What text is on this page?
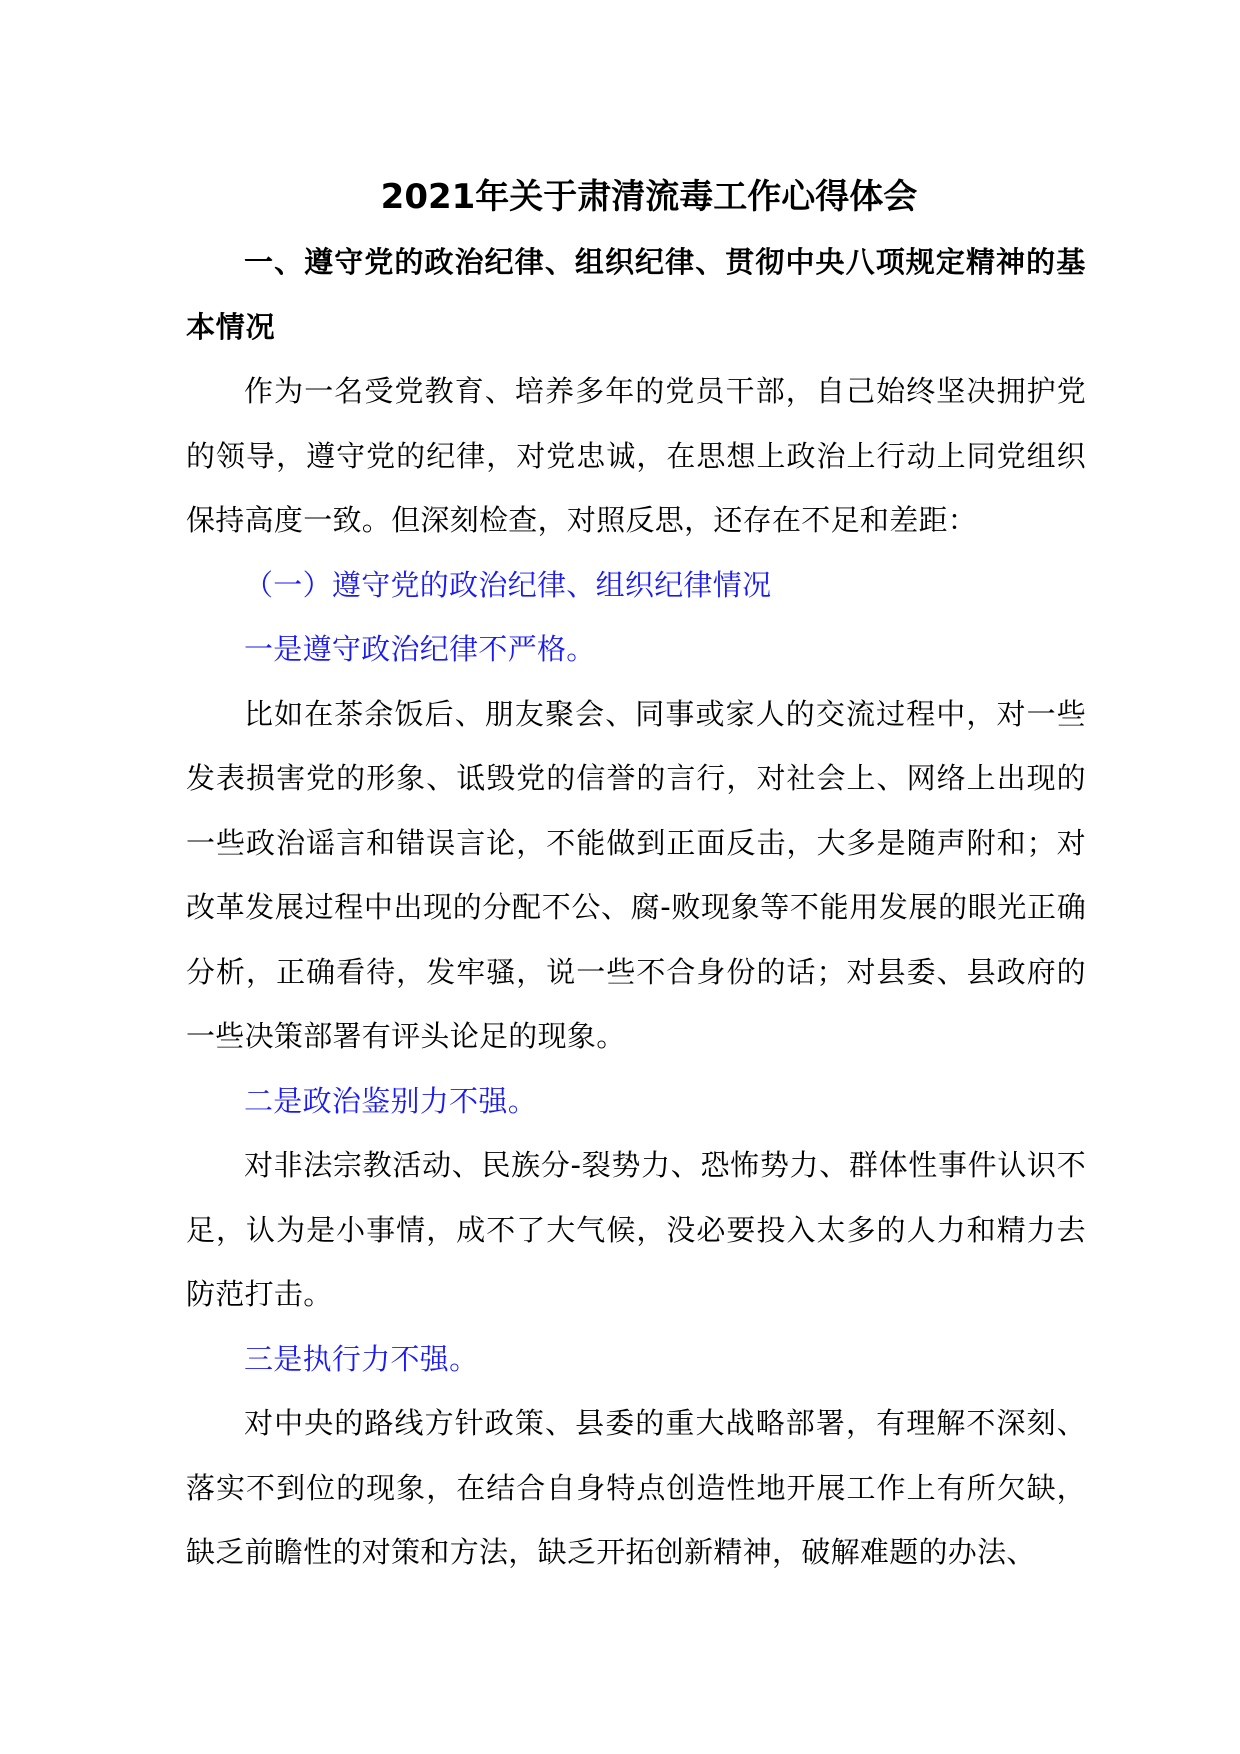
2021年关于肃清流毒工作心得体会

一、遵守党的政治纪律、组织纪律、贯彻中央八项规定精神的基本情况

作为一名受党教育、培养多年的党员干部，自己始终坚决拥护党的领导，遵守党的纪律，对党忠诚，在思想上政治上行动上同党组织保持高度一致。但深刻检查，对照反思，还存在不足和差距：

（一）遵守党的政治纪律、组织纪律情况

一是遵守政治纪律不严格。

比如在茶余饭后、朋友聚会、同事或家人的交流过程中，对一些发表损害党的形象、诋毁党的信誉的言行，对社会上、网络上出现的一些政治谣言和错误言论，不能做到正面反击，大多是随声附和；对改革发展过程中出现的分配不公、腐-败现象等不能用发展的眼光正确分析，正确看待，发牢骚，说一些不合身份的话；对县委、县政府的一些决策部署有评头论足的现象。

二是政治鉴别力不强。

对非法宗教活动、民族分-裂势力、恐怖势力、群体性事件认识不足，认为是小事情，成不了大气候，没必要投入太多的人力和精力去防范打击。

三是执行力不强。

对中央的路线方针政策、县委的重大战略部署，有理解不深刻、落实不到位的现象，在结合自身特点创造性地开展工作上有所欠缺，缺乏前瞻性的对策和方法，缺乏开拓创新精神，破解难题的办法、
